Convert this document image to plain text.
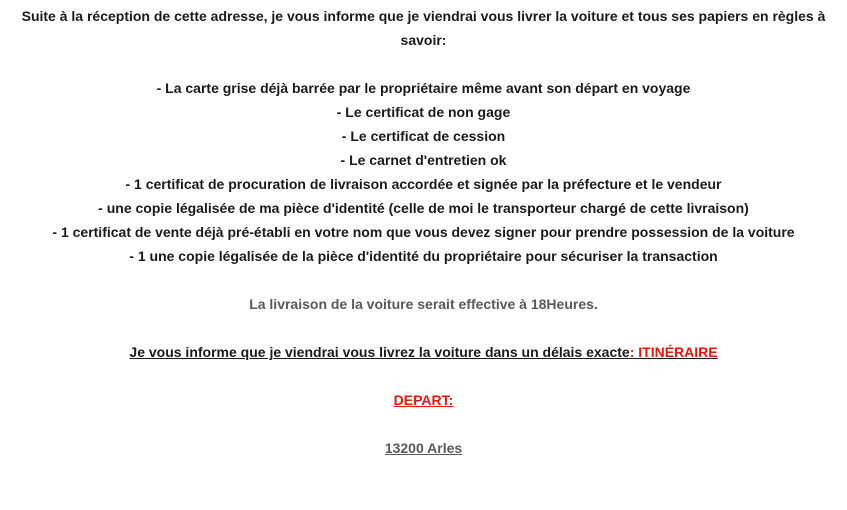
Suite à la réception de cette adresse, je vous informe que je viendrai vous livrer la voiture et tous ses papiers en règles à savoir:

- La carte grise déjà barrée par le propriétaire même avant son départ en voyage

- Le certificat de non gage

- Le certificat de cession

- Le carnet d'entretien ok

- 1 certificat de procuration de livraison accordée et signée par la préfecture et le vendeur

- une copie légalisée de ma pièce d'identité (celle de moi le transporteur chargé de cette livraison)

- 1 certificat de vente déjà pré-établi en votre nom que vous devez signer pour prendre possession de la voiture

- 1 une copie légalisée de la pièce d'identité du propriétaire pour sécuriser la transaction

La livraison de la voiture serait effective à 18Heures.

Je vous informe que je viendrai vous livrez la voiture dans un délais exacte: ITINÉRAIRE

DEPART:

13200 Arles
